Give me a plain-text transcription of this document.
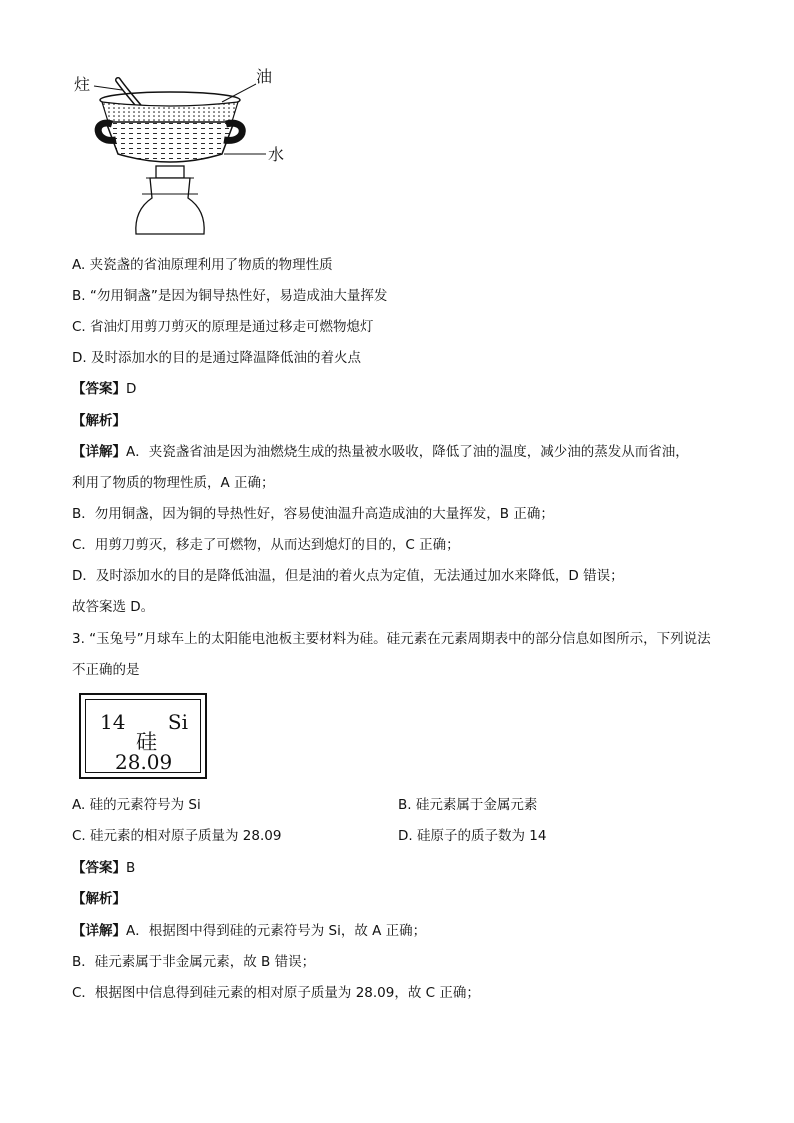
炷	油
水
A. 夹瓷盏的省油原理利用了物质的物理性质
B. “勿用铜盏”是因为铜导热性好，易造成油大量挥发
C. 省油灯用剪刀剪灭的原理是通过移走可燃物熄灯
D. 及时添加水的目的是通过降温降低油的着火点
【答案】D
【解析】
【详解】A．夹瓷盏省油是因为油燃烧生成的热量被水吸收，降低了油的温度，减少油的蒸发从而省油，
利用了物质的物理性质，A 正确；
B．勿用铜盏，因为铜的导热性好，容易使油温升高造成油的大量挥发，B 正确；
C．用剪刀剪灭，移走了可燃物，从而达到熄灯的目的，C 正确；
D．及时添加水的目的是降低油温，但是油的着火点为定值，无法通过加水来降低，D 错误；
故答案选 D。
3. “玉兔号”月球车上的太阳能电池板主要材料为硅。硅元素在元素周期表中的部分信息如图所示，下列说法
不正确的是
14 Si
硅
28.09
A. 硅的元素符号为 Si	B. 硅元素属于金属元素
C. 硅元素的相对原子质量为 28.09	D. 硅原子的质子数为 14
【答案】B
【解析】
【详解】A．根据图中得到硅的元素符号为 Si，故 A 正确；
B．硅元素属于非金属元素，故 B 错误；
C．根据图中信息得到硅元素的相对原子质量为 28.09，故 C 正确；
